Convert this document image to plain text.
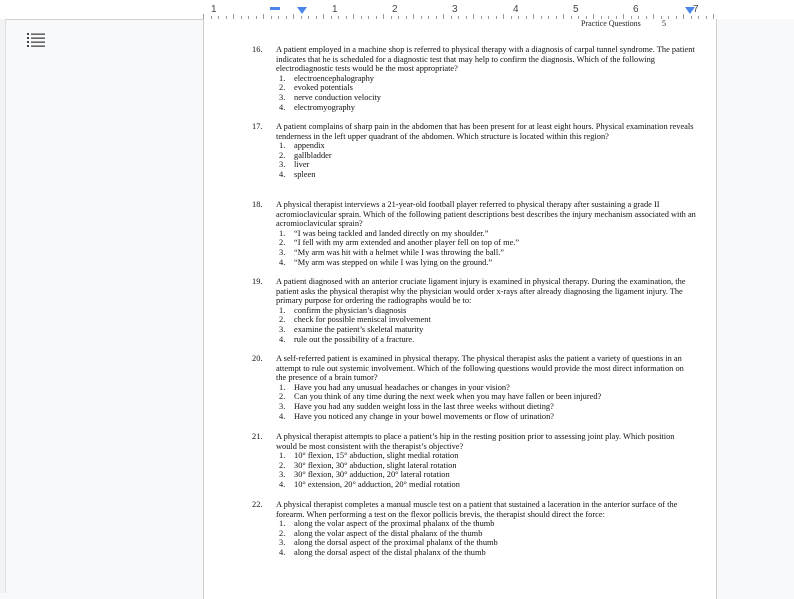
1	1	2	3	4	5	6	7
Practice Questions	5
16. A patient employed in a machine shop is referred to physical therapy with a diagnosis of carpal tunnel syndrome. The patient indicates that he is scheduled for a diagnostic test that may help to confirm the diagnosis. Which of the following electrodiagnostic tests would be the most appropriate?
1. electroencephalography
2. evoked potentials
3. nerve conduction velocity
4. electromyography
17. A patient complains of sharp pain in the abdomen that has been present for at least eight hours. Physical examination reveals tenderness in the left upper quadrant of the abdomen. Which structure is located within this region?
1. appendix
2. gallbladder
3. liver
4. spleen
18. A physical therapist interviews a 21-year-old football player referred to physical therapy after sustaining a grade II acromioclavicular sprain. Which of the following patient descriptions best describes the injury mechanism associated with an acromioclavicular sprain?
1. “I was being tackled and landed directly on my shoulder.”
2. “I fell with my arm extended and another player fell on top of me.”
3. “My arm was hit with a helmet while I was throwing the ball.”
4. “My arm was stepped on while I was lying on the ground.”
19. A patient diagnosed with an anterior cruciate ligament injury is examined in physical therapy. During the examination, the patient asks the physical therapist why the physician would order x-rays after already diagnosing the ligament injury. The primary purpose for ordering the radiographs would be to:
1. confirm the physician’s diagnosis
2. check for possible meniscal involvement
3. examine the patient’s skeletal maturity
4. rule out the possibility of a fracture.
20. A self-referred patient is examined in physical therapy. The physical therapist asks the patient a variety of questions in an attempt to rule out systemic involvement. Which of the following questions would provide the most direct information on the presence of a brain tumor?
1. Have you had any unusual headaches or changes in your vision?
2. Can you think of any time during the next week when you may have fallen or been injured?
3. Have you had any sudden weight loss in the last three weeks without dieting?
4. Have you noticed any change in your bowel movements or flow of urination?
21. A physical therapist attempts to place a patient’s hip in the resting position prior to assessing joint play. Which position would be most consistent with the therapist’s objective?
1. 10° flexion, 15° abduction, slight medial rotation
2. 30° flexion, 30° abduction, slight lateral rotation
3. 30° flexion, 30° adduction, 20° lateral rotation
4. 10° extension, 20° adduction, 20° medial rotation
22. A physical therapist completes a manual muscle test on a patient that sustained a laceration in the anterior surface of the forearm. When performing a test on the flexor pollicis brevis, the therapist should direct the force:
1. along the volar aspect of the proximal phalanx of the thumb
2. along the volar aspect of the distal phalanx of the thumb
3. along the dorsal aspect of the proximal phalanx of the thumb
4. along the dorsal aspect of the distal phalanx of the thumb
